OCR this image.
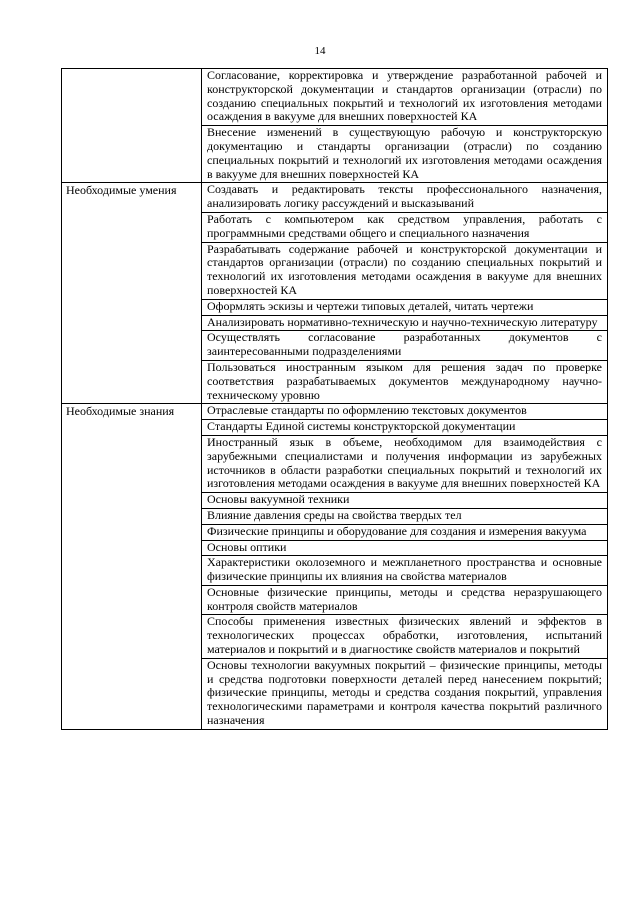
14
	Согласование, корректировка и утверждение разработанной рабочей и конструкторской документации и стандартов организации (отрасли) по созданию специальных покрытий и технологий их изготовления методами осаждения в вакууме для внешних поверхностей КА
	Внесение изменений в существующую рабочую и конструкторскую документацию и стандарты организации (отрасли) по созданию специальных покрытий и технологий их изготовления методами осаждения в вакууме для внешних поверхностей КА
Необходимые умения	Создавать и редактировать тексты профессионального назначения, анализировать логику рассуждений и высказываний
	Работать с компьютером как средством управления, работать с программными средствами общего и специального назначения
	Разрабатывать содержание рабочей и конструкторской документации и стандартов организации (отрасли) по созданию специальных покрытий и технологий их изготовления методами осаждения в вакууме для внешних поверхностей КА
	Оформлять эскизы и чертежи типовых деталей, читать чертежи
	Анализировать нормативно-техническую и научно-техническую литературу
	Осуществлять согласование разработанных документов с заинтересованными подразделениями
	Пользоваться иностранным языком для решения задач по проверке соответствия разрабатываемых документов международному научно-техническому уровню
Необходимые знания	Отраслевые стандарты по оформлению текстовых документов
	Стандарты Единой системы конструкторской документации
	Иностранный язык в объеме, необходимом для взаимодействия с зарубежными специалистами и получения информации из зарубежных источников в области разработки специальных покрытий и технологий их изготовления методами осаждения в вакууме для внешних поверхностей КА
	Основы вакуумной техники
	Влияние давления среды на свойства твердых тел
	Физические принципы и оборудование для создания и измерения вакуума
	Основы оптики
	Характеристики околоземного и межпланетного пространства и основные физические принципы их влияния на свойства материалов
	Основные физические принципы, методы и средства неразрушающего контроля свойств материалов
	Способы применения известных физических явлений и эффектов в технологических процессах обработки, изготовления, испытаний материалов и покрытий и в диагностике свойств материалов и покрытий
	Основы технологии вакуумных покрытий – физические принципы, методы и средства подготовки поверхности деталей перед нанесением покрытий; физические принципы, методы и средства создания покрытий, управления технологическими параметрами и контроля качества покрытий различного назначения
